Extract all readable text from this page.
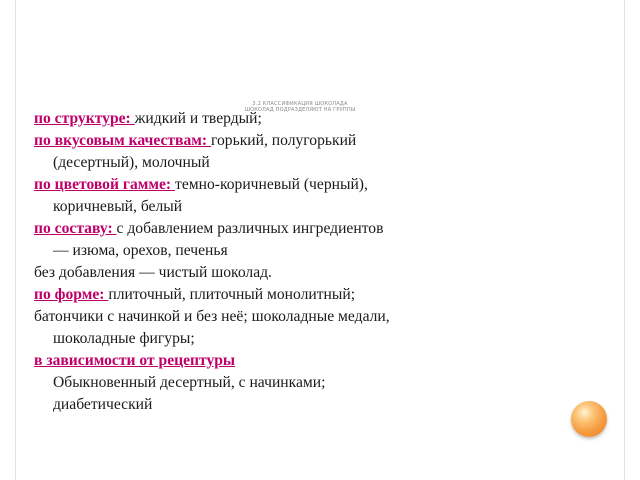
3.2 КЛАССИФИКАЦИЯ ШОКОЛАДА
ШОКОЛАД ПОДРАЗДЕЛЯЮТ НА ГРУППЫ

по структуре: жидкий и твердый;

по вкусовым качествам: горький, полугорький

(десертный), молочный

по цветовой гамме: темно-коричневый (черный),

коричневый, белый

по составу: с добавлением различных ингредиентов

— изюма, орехов, печенья

без добавления — чистый шоколад.

по форме: плиточный, плиточный монолитный;

батончики с начинкой и без неё; шоколадные медали,

шоколадные фигуры;

в зависимости от рецептуры

Обыкновенный десертный, с начинками;

диабетический
